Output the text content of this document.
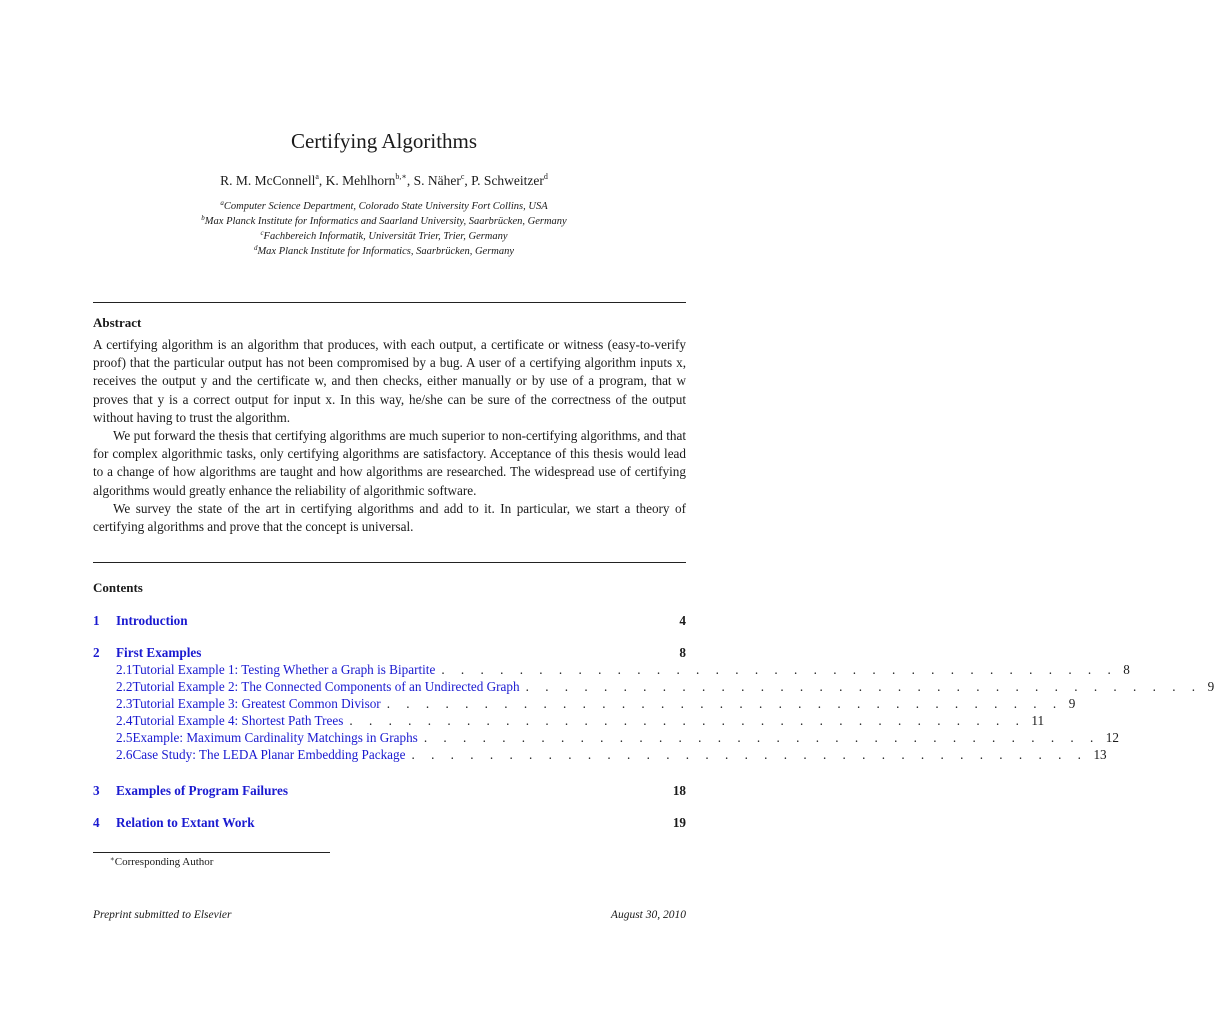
Certifying Algorithms
R. M. McConnell$^a$, K. Mehlhorn$^{b,∗}$, S. Näher$^c$, P. Schweitzer$^d$
$^a$Computer Science Department, Colorado State University Fort Collins, USA
$^b$Max Planck Institute for Informatics and Saarland University, Saarbrücken, Germany
$^c$Fachbereich Informatik, Universität Trier, Trier, Germany
$^d$Max Planck Institute for Informatics, Saarbrücken, Germany
Abstract

A certifying algorithm is an algorithm that produces, with each output, a certificate or witness (easy-to-verify proof) that the particular output has not been compromised by a bug. A user of a certifying algorithm inputs x, receives the output y and the certificate w, and then checks, either manually or by use of a program, that w proves that y is a correct output for input x. In this way, he/she can be sure of the correctness of the output without having to trust the algorithm.

We put forward the thesis that certifying algorithms are much superior to non-certifying algorithms, and that for complex algorithmic tasks, only certifying algorithms are satisfactory. Acceptance of this thesis would lead to a change of how algorithms are taught and how algorithms are researched. The widespread use of certifying algorithms would greatly enhance the reliability of algorithmic software.

We survey the state of the art in certifying algorithms and add to it. In particular, we start a theory of certifying algorithms and prove that the concept is universal.

Contents
1	Introduction	4
2	First Examples	8
2.1 Tutorial Example 1: Testing Whether a Graph is Bipartite . . . . . . . . . . . . . . . . . . . . . . . . . . . . . . . . . . . 8
2.2 Tutorial Example 2: The Connected Components of an Undirected Graph . . . . . . . . . . . . . . . . . . . . . . . . . . . . . . . . . . . 9
2.3 Tutorial Example 3: Greatest Common Divisor . . . . . . . . . . . . . . . . . . . . . . . . . . . . . . . . . . . 9
2.4 Tutorial Example 4: Shortest Path Trees . . . . . . . . . . . . . . . . . . . . . . . . . . . . . . . . . . . 11
2.5 Example: Maximum Cardinality Matchings in Graphs . . . . . . . . . . . . . . . . . . . . . . . . . . . . . . . . . . . 12
2.6 Case Study: The LEDA Planar Embedding Package . . . . . . . . . . . . . . . . . . . . . . . . . . . . . . . . . . . 13
3	Examples of Program Failures	18
4	Relation to Extant Work	19
∗Corresponding Author
Preprint submitted to Elsevier	August 30, 2010
